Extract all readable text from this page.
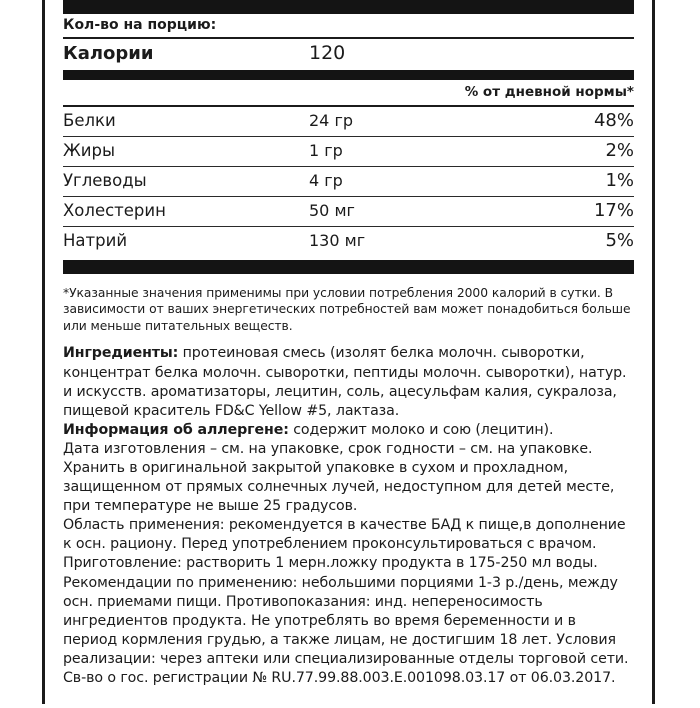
Кол-во на порцию:
Калории	120
% от дневной нормы*
Белки	24 гр	48%
Жиры	1 гр	2%
Углеводы	4 гр	1%
Холестерин	50 мг	17%
Натрий	130 мг	5%
*Указанные значения применимы при условии потребления 2000 калорий в сутки. В зависимости от ваших энергетических потребностей вам может понадобиться больше или меньше питательных веществ.

Ингредиенты: протеиновая смесь (изолят белка молочн. сыворотки, концентрат белка молочн. сыворотки, пептиды молочн. сыворотки), натур. и искусств. ароматизаторы, лецитин, соль, ацесульфам калия, сукралоза, пищевой краситель FD&C Yellow #5, лактаза.

Информация об аллергене: содержит молоко и сою (лецитин).

Дата изготовления – см. на упаковке, срок годности – см. на упаковке.

Хранить в оригинальной закрытой упаковке в сухом и прохладном, защищенном от прямых солнечных лучей, недоступном для детей месте, при температуре не выше 25 градусов.

Область применения: рекомендуется в качестве БАД к пище,в дополнение к осн. рациону. Перед употреблением проконсультироваться с врачом.

Приготовление: растворить 1 мерн.ложку продукта в 175-250 мл воды.

Рекомендации по применению: небольшими порциями 1-3 р./день, между осн. приемами пищи. Противопоказания: инд. непереносимость ингредиентов продукта. Не употреблять во время беременности и в период кормления грудью, а также лицам, не достигшим 18 лет. Условия реализации: через аптеки или специализированные отделы торговой сети.

Св-во о гос. регистрации № RU.77.99.88.003.Е.001098.03.17 от 06.03.2017.
